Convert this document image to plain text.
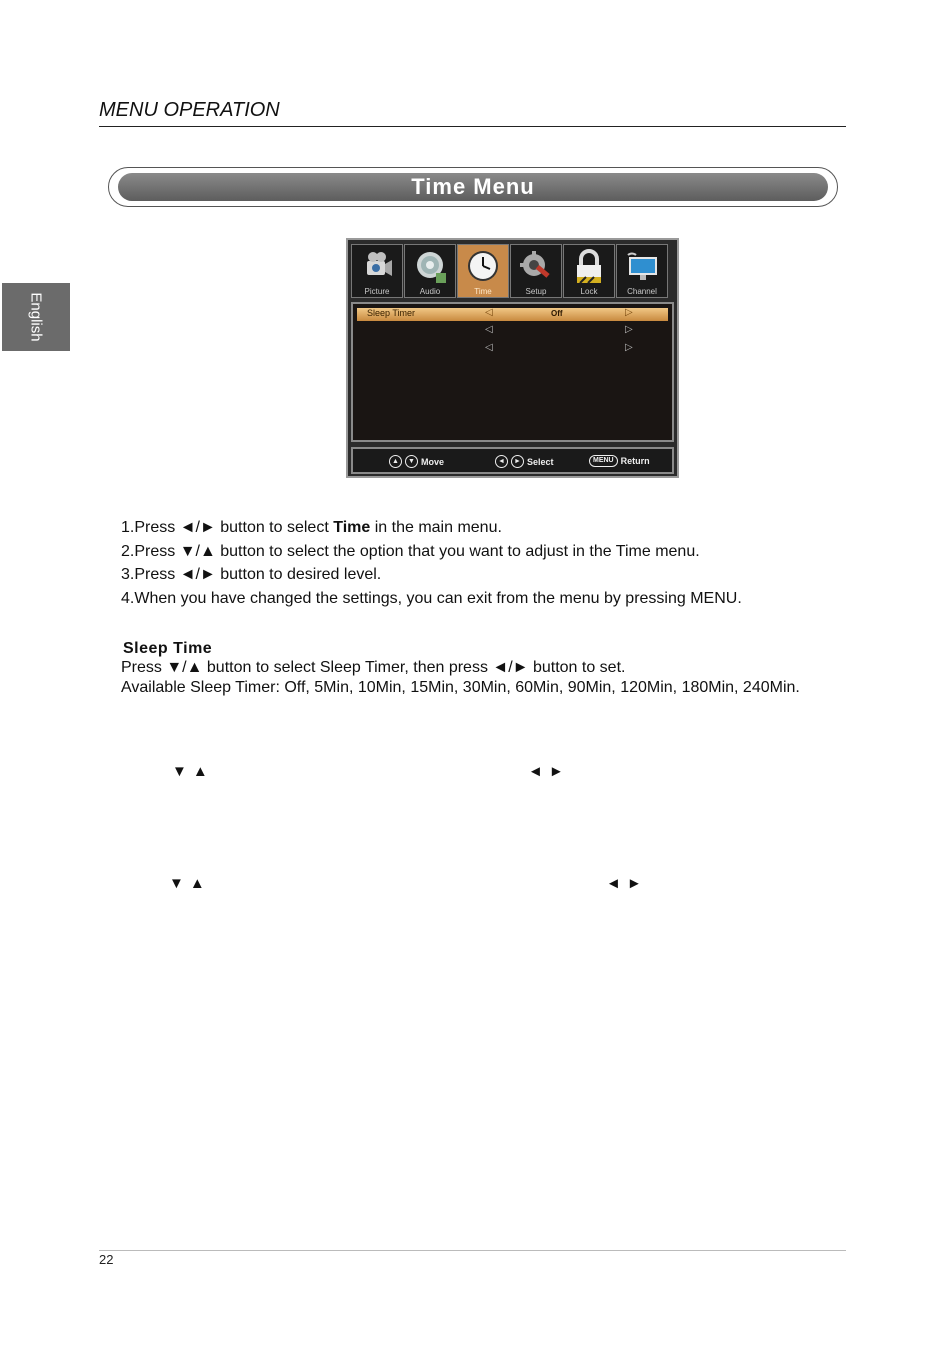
MENU OPERATION
English
Time Menu
Picture	Audio	Time	Setup	Lock	Channel
Sleep Timer	◁	Off	▷
◁	▷
◁	▷
▲	▼ Move	◄	► Select	MENU Return
1.Press ◄/► button to select Time in the main menu.
2.Press ▼/▲ button to select the option that you want to adjust in the Time menu.
3.Press ◄/► button to desired level.
4.When you have changed the settings, you can exit from the menu by pressing MENU.
Sleep Time
Press ▼/▲ button to select Sleep Timer, then press ◄/► button to set.
Available Sleep Timer: Off, 5Min, 10Min, 15Min, 30Min, 60Min, 90Min, 120Min, 180Min, 240Min.
▼▲	◄►
▼▲	◄►
22
